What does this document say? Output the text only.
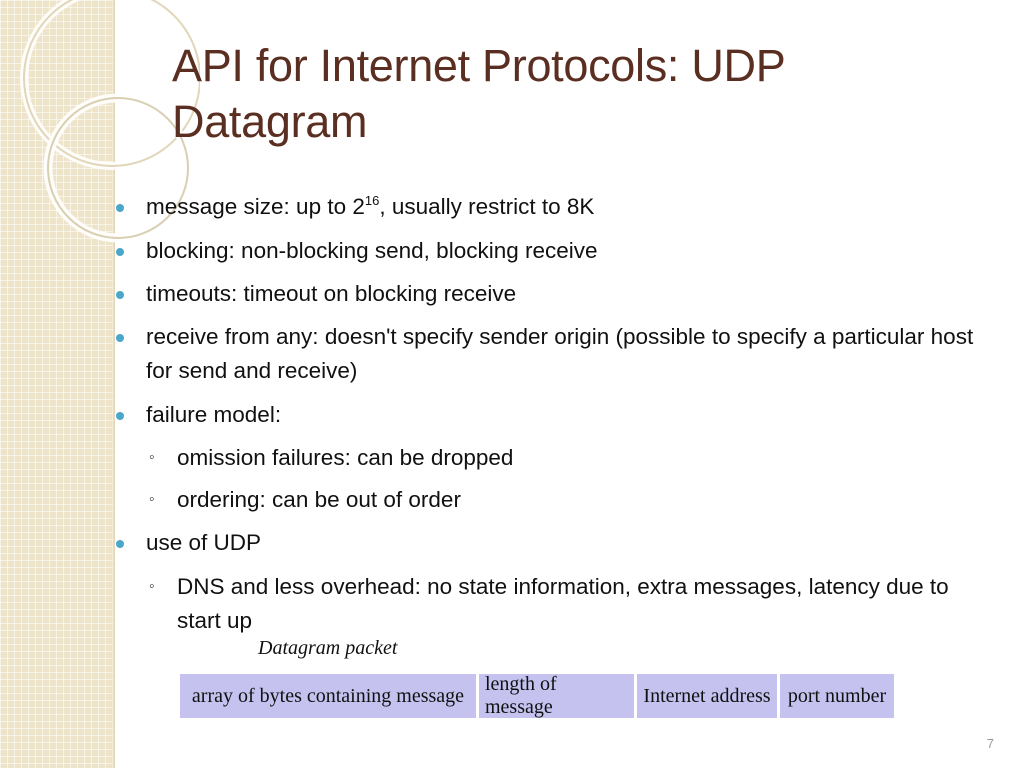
API for Internet Protocols: UDP Datagram
message size: up to $2^{16}$, usually restrict to 8K
blocking: non-blocking send, blocking receive
timeouts: timeout on blocking receive
receive from any: doesn't specify sender origin (possible to specify a particular host for send and receive)
failure model:
◦ omission failures: can be dropped
◦ ordering: can be out of order
use of UDP
◦ DNS and less overhead: no state information, extra messages, latency due to start up
Datagram packet
array of bytes containing message
length of message
Internet address port number
7
